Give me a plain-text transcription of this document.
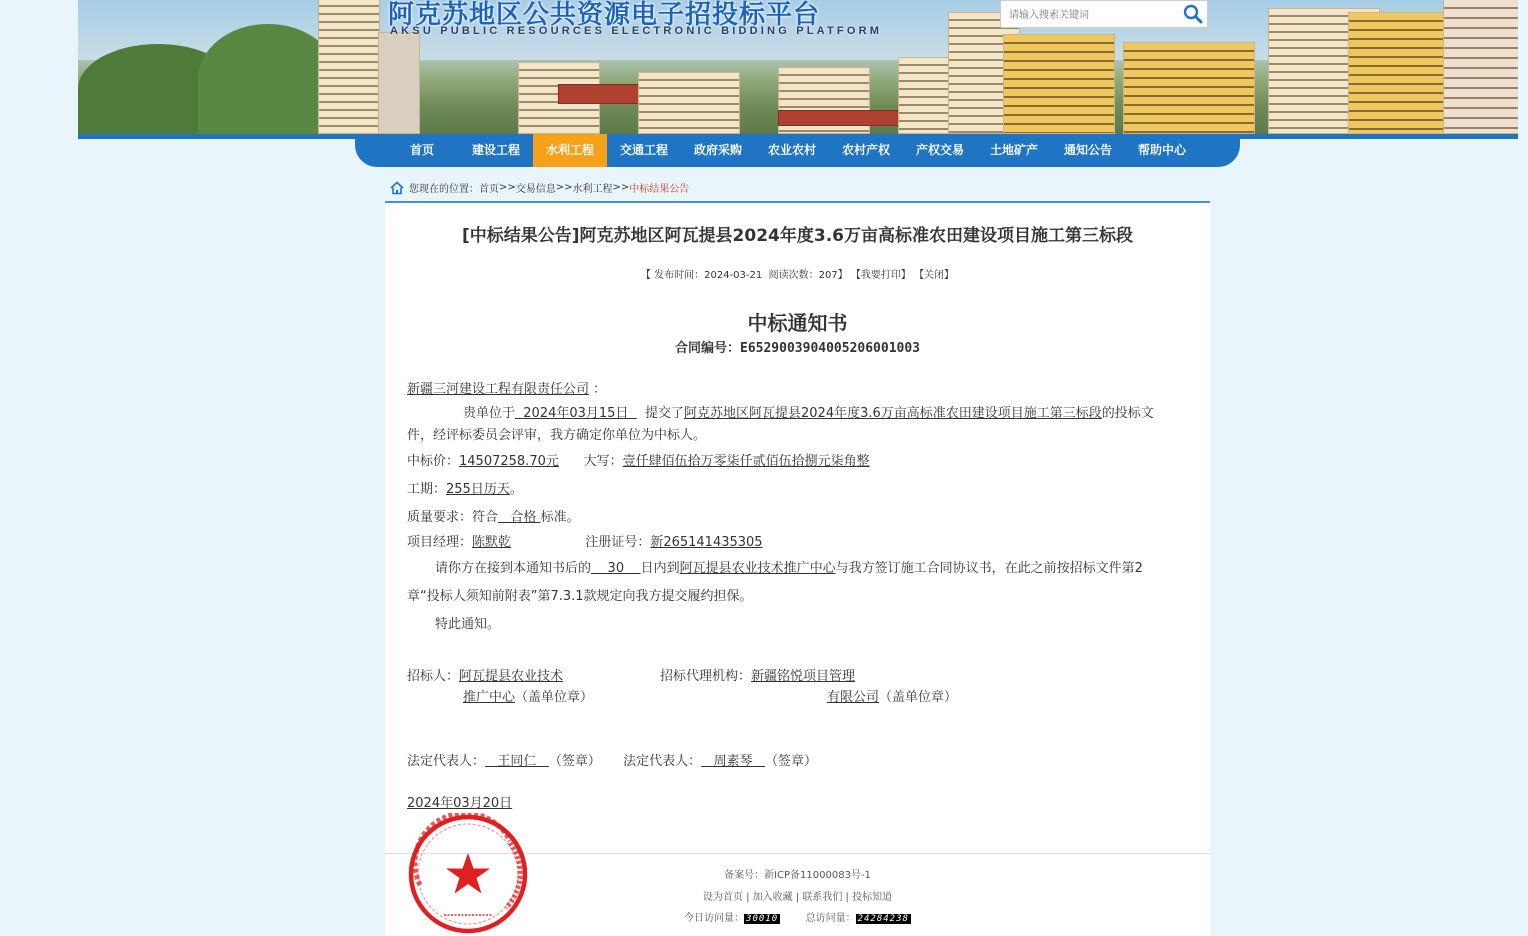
阿克苏地区公共资源电子招投标平台
AKSU PUBLIC RESOURCES ELECTRONIC BIDDING PLATFORM
请输入搜索关键词
首页	建设工程	水利工程	交通工程	政府采购	农业农村	农村产权	产权交易	土地矿产	通知公告	帮助中心
您现在的位置： 首页 >> 交易信息 >> 水利工程 >> 中标结果公告
[中标结果公告]阿克苏地区阿瓦提县2024年度3.6万亩高标准农田建设项目施工第三标段
【 发布时间：2024-03-21 阅读次数：207】 【我要打印】 【关闭】
中标通知书
合同编号：E6529003904005206001003
新疆三河建设工程有限责任公司 ：
贵单位于 2024年03月15日 提交了阿克苏地区阿瓦提县2024年度3.6万亩高标准农田建设项目施工第三标段的投标文
件，经评标委员会评审，我方确定你单位为中标人。
中标价：14507258.70元 大写：壹仟肆佰伍拾万零柒仟贰佰伍拾捌元柒角整
工期：255日历天。
质量要求：符合 合格 标准。
项目经理：陈默乾	注册证号：新265141435305
请你方在接到本通知书后的 30 日内到阿瓦提县农业技术推广中心与我方签订施工合同协议书，在此之前按招标文件第2
章“投标人须知前附表”第7.3.1款规定向我方提交履约担保。
特此通知。
招标人：阿瓦提县农业技术	招标代理机构：新疆铭悦项目管理
推广中心（盖单位章）	有限公司（盖单位章）
法定代表人： 王同仁 （签章） 法定代表人： 周素琴 （签章）
2024年03月20日
备案号：新ICP备11000083号-1
设为首页 | 加入收藏 | 联系我们 | 投标知道
今日访问量： 30010	总访问量： 24284238
